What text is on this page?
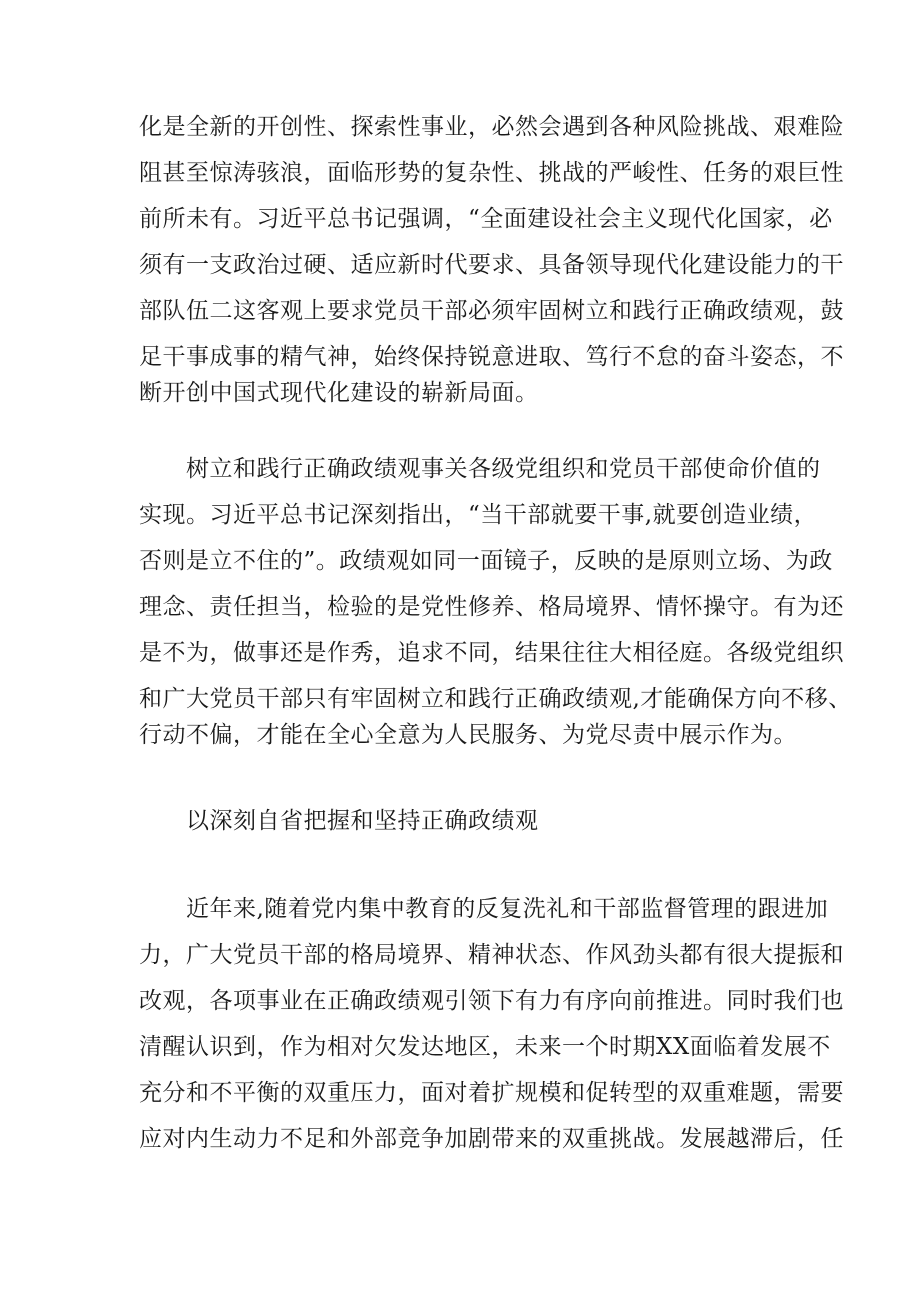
化是全新的开创性、探索性事业，必然会遇到各种风险挑战、艰难险
阻甚至惊涛骇浪，面临形势的复杂性、挑战的严峻性、任务的艰巨性
前所未有。习近平总书记强调，“全面建设社会主义现代化国家，必
须有一支政治过硬、适应新时代要求、具备领导现代化建设能力的干
部队伍二这客观上要求党员干部必须牢固树立和践行正确政绩观，鼓
足干事成事的精气神，始终保持锐意进取、笃行不怠的奋斗姿态，不
断开创中国式现代化建设的崭新局面。
树立和践行正确政绩观事关各级党组织和党员干部使命价值的
实现。习近平总书记深刻指出，“当干部就要干事,就要创造业绩，
否则是立不住的”。政绩观如同一面镜子，反映的是原则立场、为政
理念、责任担当，检验的是党性修养、格局境界、情怀操守。有为还
是不为，做事还是作秀，追求不同，结果往往大相径庭。各级党组织
和广大党员干部只有牢固树立和践行正确政绩观,才能确保方向不移、
行动不偏，才能在全心全意为人民服务、为党尽责中展示作为。
以深刻自省把握和坚持正确政绩观
近年来,随着党内集中教育的反复洗礼和干部监督管理的跟进加
力，广大党员干部的格局境界、精神状态、作风劲头都有很大提振和
改观，各项事业在正确政绩观引领下有力有序向前推进。同时我们也
清醒认识到，作为相对欠发达地区，未来一个时期XX面临着发展不
充分和不平衡的双重压力，面对着扩规模和促转型的双重难题，需要
应对内生动力不足和外部竞争加剧带来的双重挑战。发展越滞后，任
